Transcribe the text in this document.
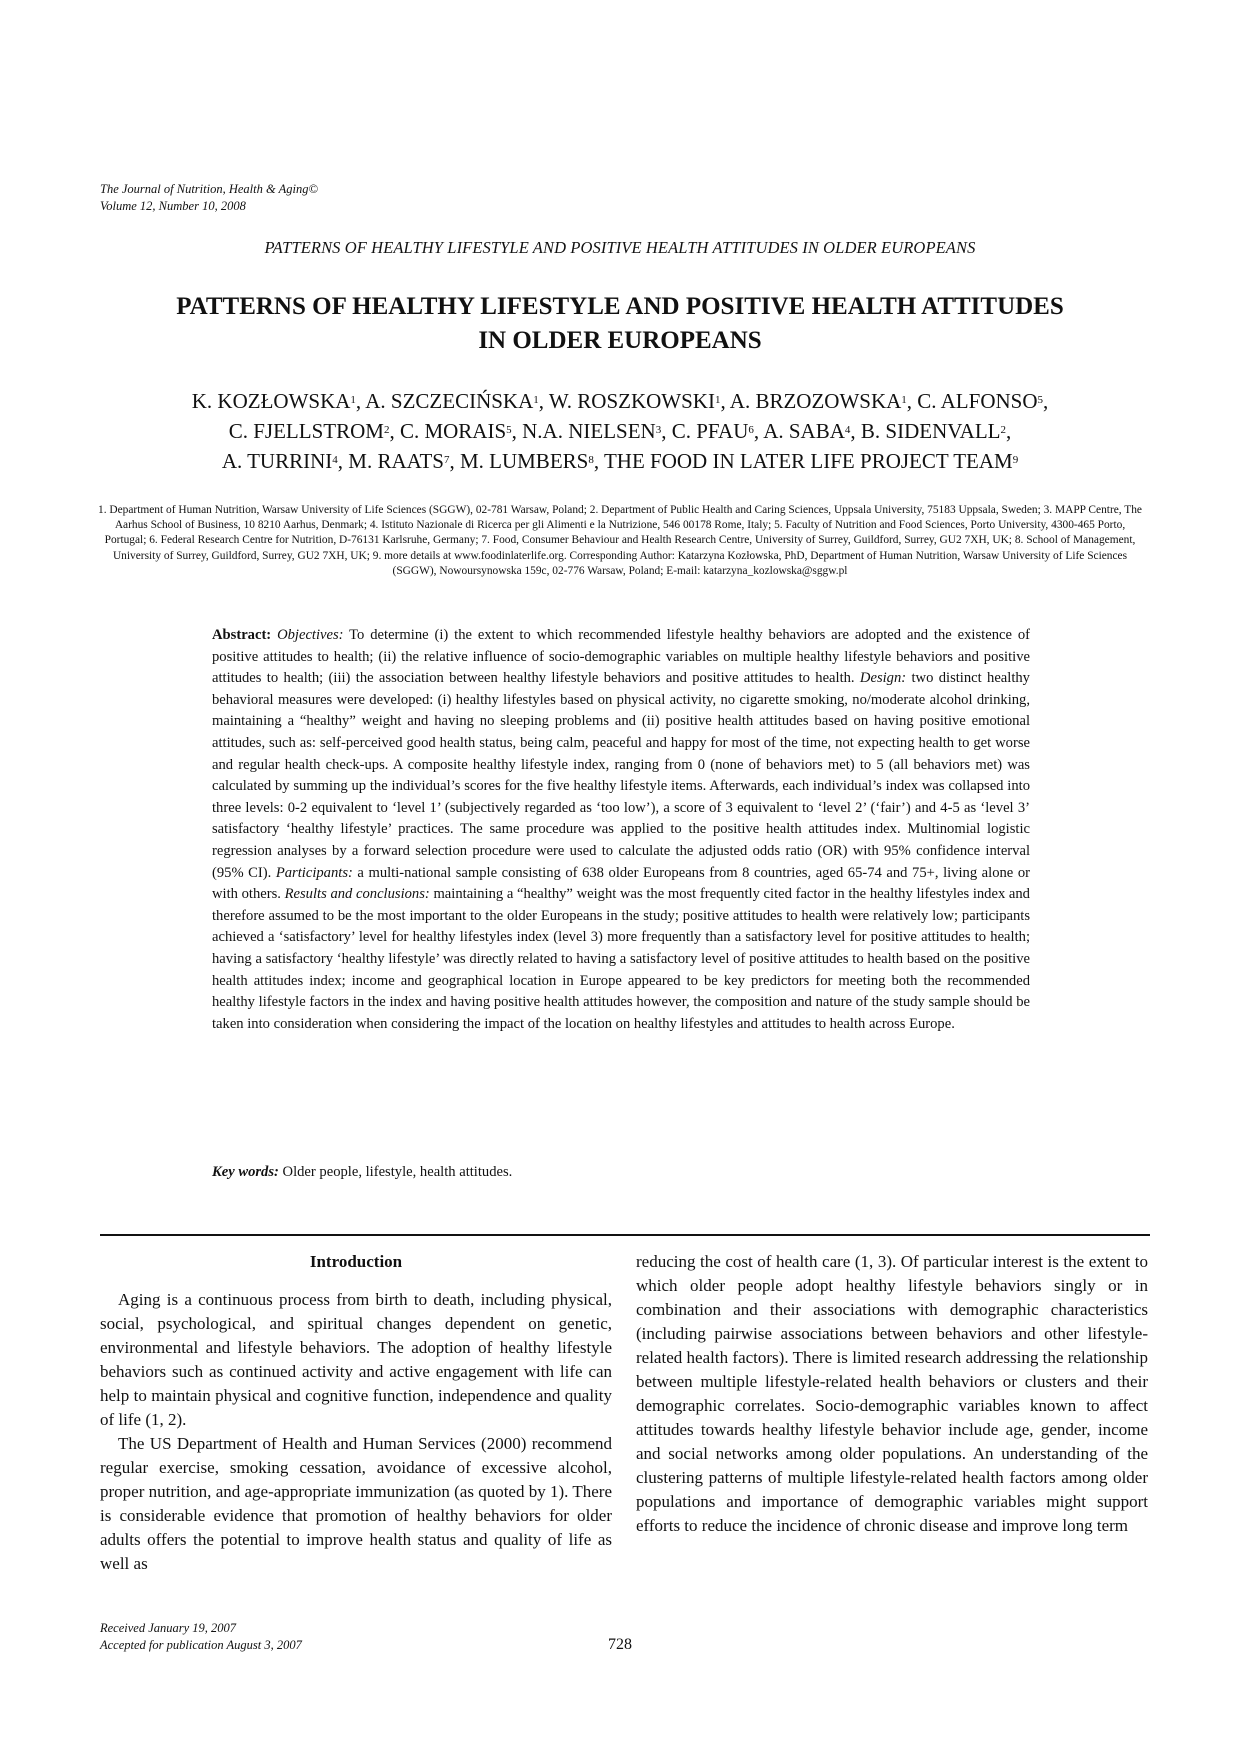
The Journal of Nutrition, Health & Aging©
Volume 12, Number 10, 2008
PATTERNS OF HEALTHY LIFESTYLE AND POSITIVE HEALTH ATTITUDES IN OLDER EUROPEANS
PATTERNS OF HEALTHY LIFESTYLE AND POSITIVE HEALTH ATTITUDES
IN OLDER EUROPEANS
K. KOZŁOWSKA$^1$, A. SZCZECIŃSKA$^1$, W. ROSZKOWSKI$^1$, A. BRZOZOWSKA$^1$, C. ALFONSO$^5$,
C. FJELLSTROM$^2$, C. MORAIS$^5$, N.A. NIELSEN$^3$, C. PFAU$^6$, A. SABA$^4$, B. SIDENVALL$^2$,
A. TURRINI$^4$, M. RAATS$^7$, M. LUMBERS$^8$, THE FOOD IN LATER LIFE PROJECT TEAM$^9$
1. Department of Human Nutrition, Warsaw University of Life Sciences (SGGW), 02-781 Warsaw, Poland; 2. Department of Public Health and Caring Sciences, Uppsala University, 75183 Uppsala, Sweden; 3. MAPP Centre, The Aarhus School of Business, 10 8210 Aarhus, Denmark; 4. Istituto Nazionale di Ricerca per gli Alimenti e la Nutrizione, 546 00178 Rome, Italy; 5. Faculty of Nutrition and Food Sciences, Porto University, 4300-465 Porto, Portugal; 6. Federal Research Centre for Nutrition, D-76131 Karlsruhe, Germany; 7. Food, Consumer Behaviour and Health Research Centre, University of Surrey, Guildford, Surrey, GU2 7XH, UK; 8. School of Management, University of Surrey, Guildford, Surrey, GU2 7XH, UK; 9. more details at www.foodinlaterlife.org. Corresponding Author: Katarzyna Kozłowska, PhD, Department of Human Nutrition, Warsaw University of Life Sciences (SGGW), Nowoursynowska 159c, 02-776 Warsaw, Poland; E-mail: katarzyna_kozlowska@sggw.pl

Abstract: Objectives: To determine (i) the extent to which recommended lifestyle healthy behaviors are adopted and the existence of positive attitudes to health; (ii) the relative influence of socio-demographic variables on multiple healthy lifestyle behaviors and positive attitudes to health; (iii) the association between healthy lifestyle behaviors and positive attitudes to health. Design: two distinct healthy behavioral measures were developed: (i) healthy lifestyles based on physical activity, no cigarette smoking, no/moderate alcohol drinking, maintaining a “healthy” weight and having no sleeping problems and (ii) positive health attitudes based on having positive emotional attitudes, such as: self-perceived good health status, being calm, peaceful and happy for most of the time, not expecting health to get worse and regular health check-ups. A composite healthy lifestyle index, ranging from 0 (none of behaviors met) to 5 (all behaviors met) was calculated by summing up the individual’s scores for the five healthy lifestyle items. Afterwards, each individual’s index was collapsed into three levels: 0-2 equivalent to ‘level 1’ (subjectively regarded as ‘too low’), a score of 3 equivalent to ‘level 2’ (‘fair’) and 4-5 as ‘level 3’ satisfactory ‘healthy lifestyle’ practices. The same procedure was applied to the positive health attitudes index. Multinomial logistic regression analyses by a forward selection procedure were used to calculate the adjusted odds ratio (OR) with 95% confidence interval (95% CI). Participants: a multi-national sample consisting of 638 older Europeans from 8 countries, aged 65-74 and 75+, living alone or with others. Results and conclusions: maintaining a “healthy” weight was the most frequently cited factor in the healthy lifestyles index and therefore assumed to be the most important to the older Europeans in the study; positive attitudes to health were relatively low; participants achieved a ‘satisfactory’ level for healthy lifestyles index (level 3) more frequently than a satisfactory level for positive attitudes to health; having a satisfactory ‘healthy lifestyle’ was directly related to having a satisfactory level of positive attitudes to health based on the positive health attitudes index; income and geographical location in Europe appeared to be key predictors for meeting both the recommended healthy lifestyle factors in the index and having positive health attitudes however, the composition and nature of the study sample should be taken into consideration when considering the impact of the location on healthy lifestyles and attitudes to health across Europe.

Key words: Older people, lifestyle, health attitudes.
Introduction

Aging is a continuous process from birth to death, including physical, social, psychological, and spiritual changes dependent on genetic, environmental and lifestyle behaviors. The adoption of healthy lifestyle behaviors such as continued activity and active engagement with life can help to maintain physical and cognitive function, independence and quality of life (1, 2).

The US Department of Health and Human Services (2000) recommend regular exercise, smoking cessation, avoidance of excessive alcohol, proper nutrition, and age-appropriate immunization (as quoted by 1). There is considerable evidence that promotion of healthy behaviors for older adults offers the potential to improve health status and quality of life as well as

reducing the cost of health care (1, 3). Of particular interest is the extent to which older people adopt healthy lifestyle behaviors singly or in combination and their associations with demographic characteristics (including pairwise associations between behaviors and other lifestyle-related health factors). There is limited research addressing the relationship between multiple lifestyle-related health behaviors or clusters and their demographic correlates. Socio-demographic variables known to affect attitudes towards healthy lifestyle behavior include age, gender, income and social networks among older populations. An understanding of the clustering patterns of multiple lifestyle-related health factors among older populations and importance of demographic variables might support efforts to reduce the incidence of chronic disease and improve long term

Received January 19, 2007
Accepted for publication August 3, 2007	728
